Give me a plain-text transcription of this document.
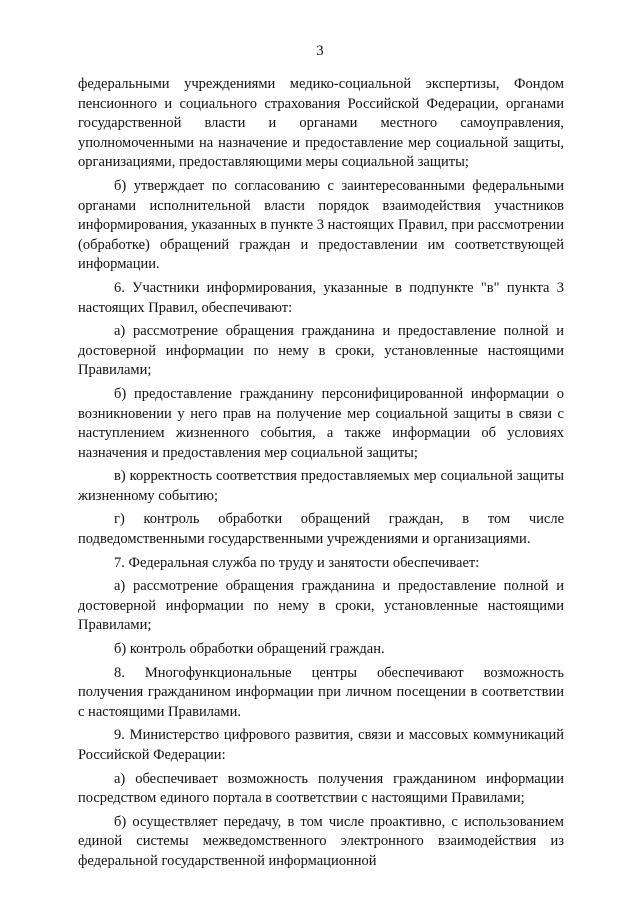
3

федеральными учреждениями медико-социальной экспертизы, Фондом пенсионного и социального страхования Российской Федерации, органами государственной власти и органами местного самоуправления, уполномоченными на назначение и предоставление мер социальной защиты, организациями, предоставляющими меры социальной защиты;

б) утверждает по согласованию с заинтересованными федеральными органами исполнительной власти порядок взаимодействия участников информирования, указанных в пункте 3 настоящих Правил, при рассмотрении (обработке) обращений граждан и предоставлении им соответствующей информации.

6. Участники информирования, указанные в подпункте "в" пункта 3 настоящих Правил, обеспечивают:

а) рассмотрение обращения гражданина и предоставление полной и достоверной информации по нему в сроки, установленные настоящими Правилами;

б) предоставление гражданину персонифицированной информации о возникновении у него прав на получение мер социальной защиты в связи с наступлением жизненного события, а также информации об условиях назначения и предоставления мер социальной защиты;

в) корректность соответствия предоставляемых мер социальной защиты жизненному событию;

г) контроль обработки обращений граждан, в том числе подведомственными государственными учреждениями и организациями.

7. Федеральная служба по труду и занятости обеспечивает:

а) рассмотрение обращения гражданина и предоставление полной и достоверной информации по нему в сроки, установленные настоящими Правилами;

б) контроль обработки обращений граждан.

8. Многофункциональные центры обеспечивают возможность получения гражданином информации при личном посещении в соответствии с настоящими Правилами.

9. Министерство цифрового развития, связи и массовых коммуникаций Российской Федерации:

а) обеспечивает возможность получения гражданином информации посредством единого портала в соответствии с настоящими Правилами;

б) осуществляет передачу, в том числе проактивно, с использованием единой системы межведомственного электронного взаимодействия из федеральной государственной информационной
